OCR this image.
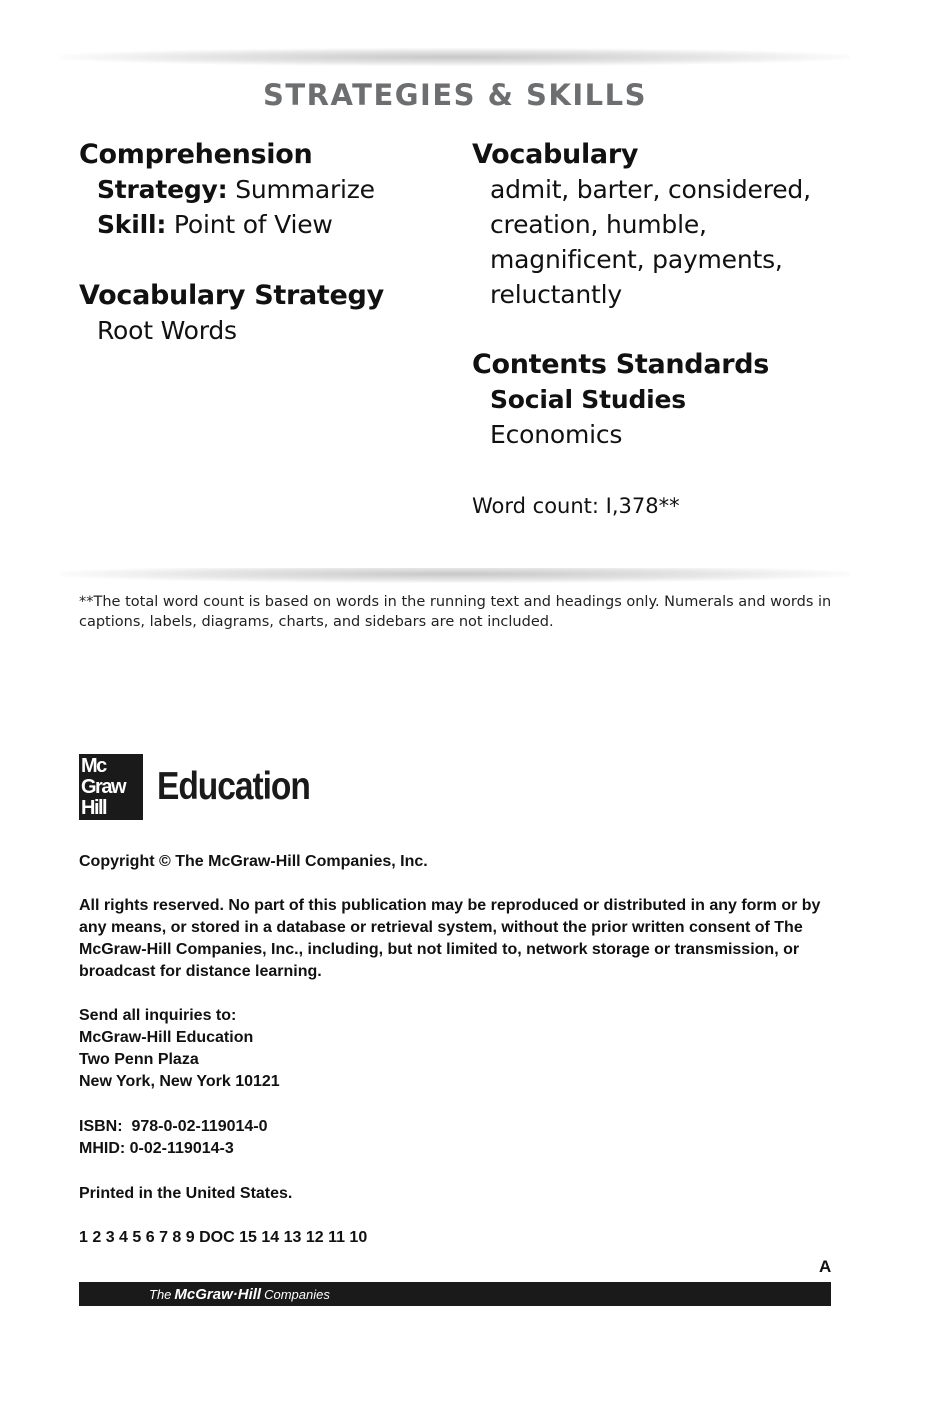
STRATEGIES & SKILLS

Comprehension

Strategy: Summarize

Skill: Point of View

Vocabulary Strategy

Root Words

Vocabulary

admit, barter, considered,

creation, humble,

magnificent, payments,

reluctantly

Contents Standards

Social Studies

Economics

Word count: I,378**

**The total word count is based on words in the running text and headings only. Numerals and words in captions, labels, diagrams, charts, and sidebars are not included.
Mc
Graw
Hill	Education

Copyright © The McGraw-Hill Companies, Inc.

All rights reserved. No part of this publication may be reproduced or distributed in any form or by any means, or stored in a database or retrieval system, without the prior written consent of The McGraw-Hill Companies, Inc., including, but not limited to, network storage or transmission, or broadcast for distance learning.

Send all inquiries to:

McGraw-Hill Education

Two Penn Plaza

New York, New York 10121

ISBN:  978-0-02-119014-0

MHID: 0-02-119014-3

Printed in the United States.

1 2 3 4 5 6 7 8 9 DOC 15 14 13 12 11 10

A
The McGraw·Hill Companies
